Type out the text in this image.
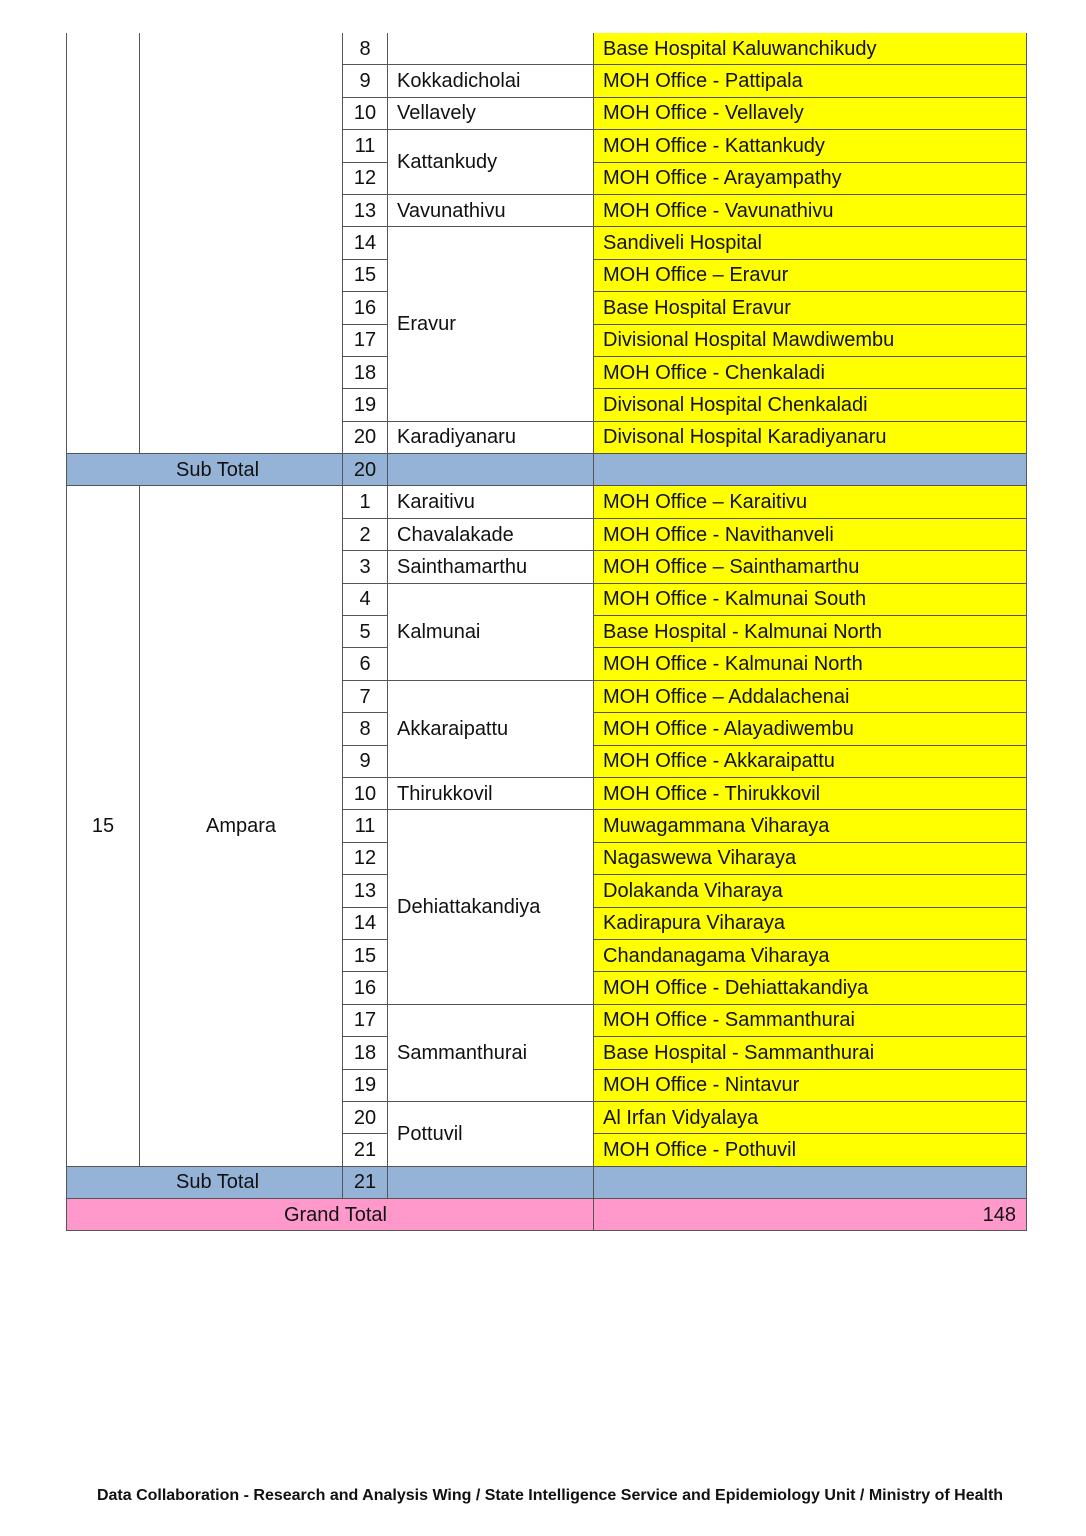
		8		Base Hospital Kaluwanchikudy
		9	Kokkadicholai	MOH Office - Pattipala
		10	Vellavely	MOH Office - Vellavely
		11	Kattankudy	MOH Office - Kattankudy
		12		MOH Office - Arayampathy
		13	Vavunathivu	MOH Office - Vavunathivu
		14	Eravur	Sandiveli Hospital
		15		MOH Office – Eravur
		16		Base Hospital Eravur
		17		Divisional Hospital Mawdiwembu
		18		MOH Office - Chenkaladi
		19		Divisonal Hospital Chenkaladi
		20	Karadiyanaru	Divisonal Hospital Karadiyanaru
Sub Total		20		
15	Ampara	1	Karaitivu	MOH Office – Karaitivu
		2	Chavalakade	MOH Office - Navithanveli
		3	Sainthamarthu	MOH Office – Sainthamarthu
		4	Kalmunai	MOH Office - Kalmunai South
		5		Base Hospital - Kalmunai North
		6		MOH Office - Kalmunai North
		7	Akkaraipattu	MOH Office – Addalachenai
		8		MOH Office - Alayadiwembu
		9		MOH Office - Akkaraipattu
		10	Thirukkovil	MOH Office - Thirukkovil
		11	Dehiattakandiya	Muwagammana Viharaya
		12		Nagaswewa Viharaya
		13		Dolakanda Viharaya
		14		Kadirapura Viharaya
		15		Chandanagama Viharaya
		16		MOH Office - Dehiattakandiya
		17	Sammanthurai	MOH Office - Sammanthurai
		18		Base Hospital - Sammanthurai
		19		MOH Office - Nintavur
		20	Pottuvil	Al Irfan Vidyalaya
		21		MOH Office - Pothuvil
Sub Total		21		
Grand Total				148
Data Collaboration - Research and Analysis Wing / State Intelligence Service and Epidemiology Unit / Ministry of Health
